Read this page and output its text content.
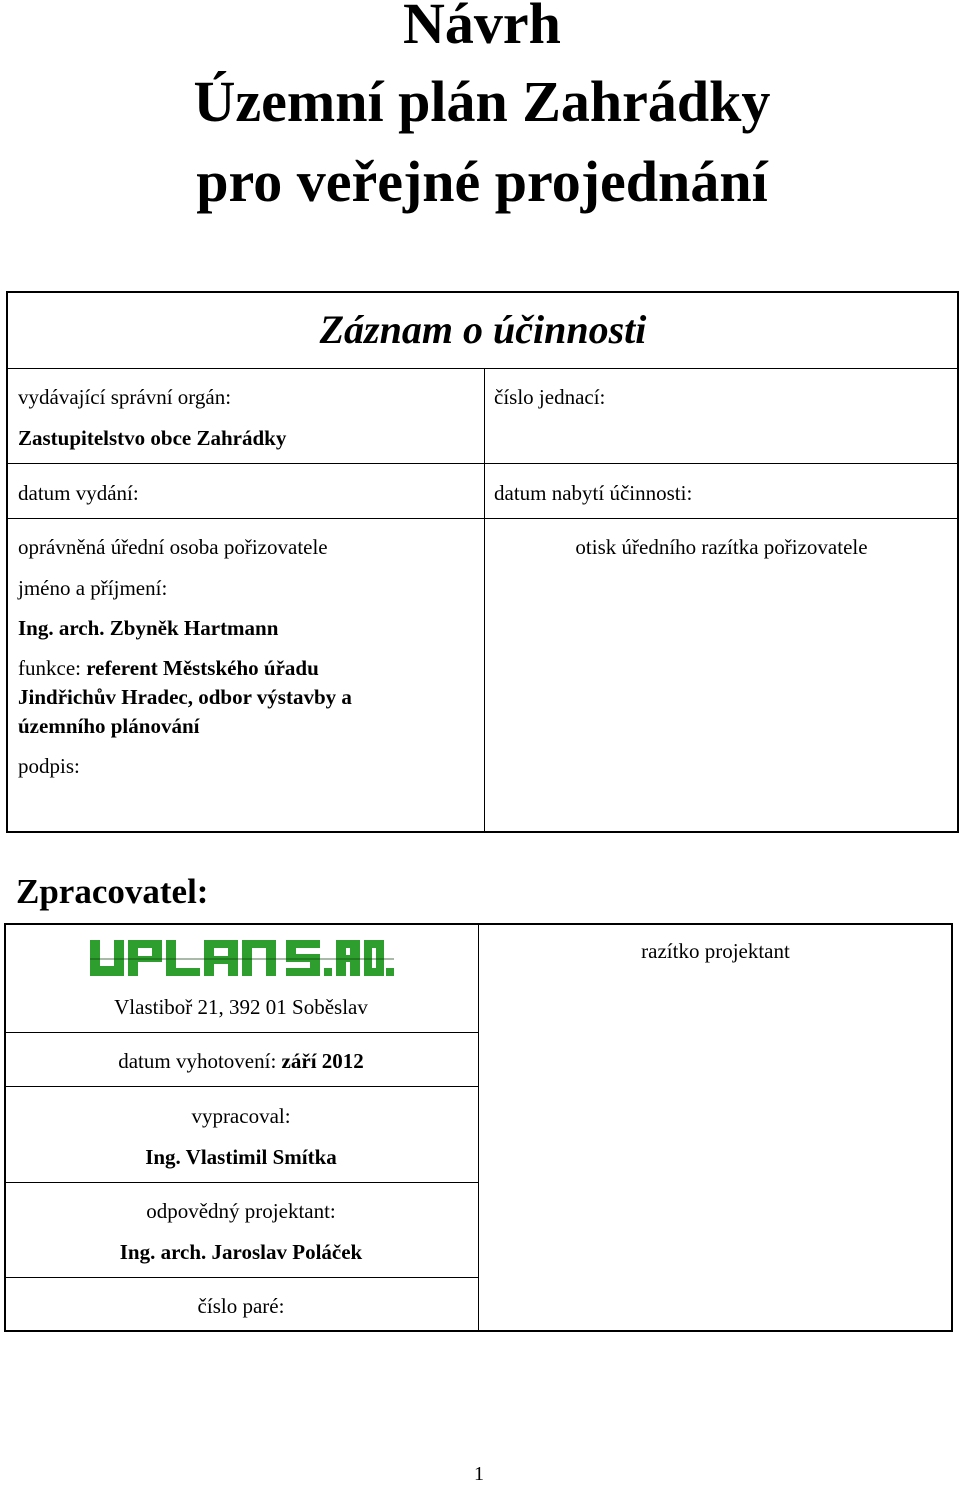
Návrh
Územní plán Zahrádky
pro veřejné projednání
Záznam o účinnosti
vydávající správní orgán:
Zastupitelstvo obce Zahrádky
číslo jednací:
datum vydání:	datum nabytí účinnosti:
oprávněná úřední osoba pořizovatele
jméno a příjmení:
Ing. arch. Zbyněk Hartmann
funkce: referent Městského úřadu
Jindřichův Hradec, odbor výstavby a
územního plánování
podpis:
otisk úředního razítka pořizovatele
Zpracovatel:
Vlastiboř 21, 392 01 Soběslav
datum vyhotovení: září 2012
vypracoval:
Ing. Vlastimil Smítka
odpovědný projektant:
Ing. arch. Jaroslav Poláček
číslo paré:
razítko projektant
1
